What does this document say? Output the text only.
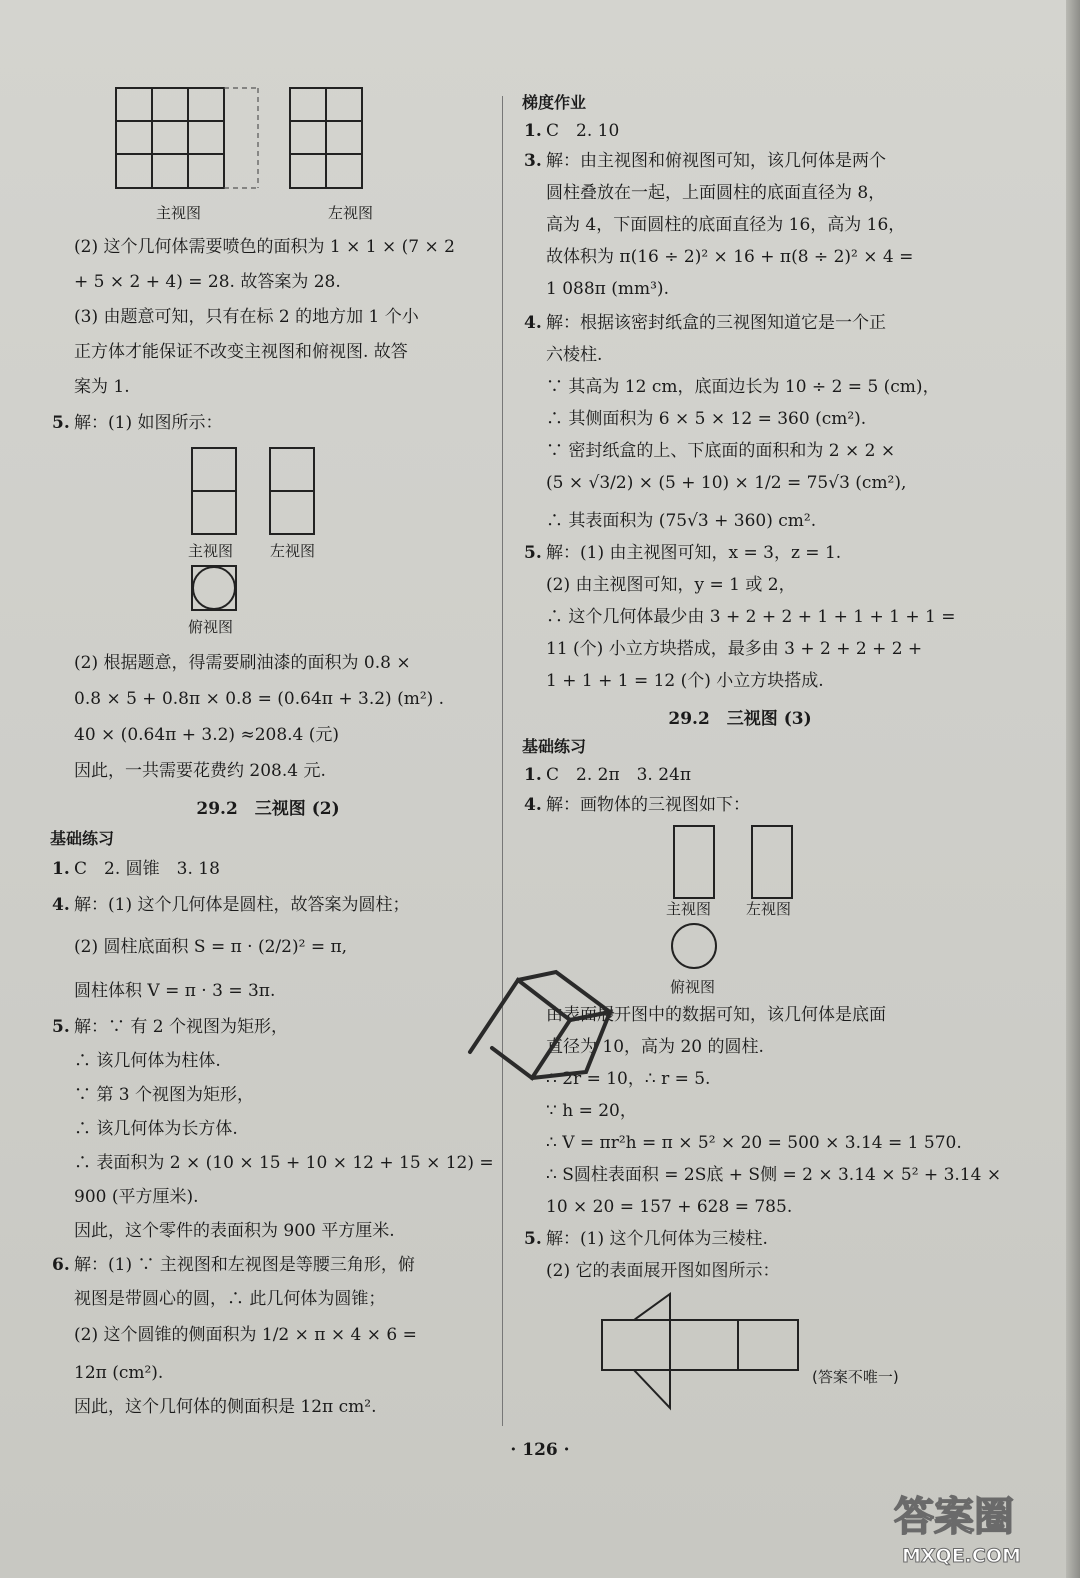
主视图	左视图
(2) 这个几何体需要喷色的面积为 1 × 1 × (7 × 2
+ 5 × 2 + 4) = 28. 故答案为 28.
(3) 由题意可知，只有在标 2 的地方加 1 个小
正方体才能保证不改变主视图和俯视图. 故答
案为 1.
5. 解：(1) 如图所示：
主视图 左视图
俯视图
(2) 根据题意，得需要刷油漆的面积为 0.8 ×
0.8 × 5 + 0.8π × 0.8 = (0.64π + 3.2) (m²) .
40 × (0.64π + 3.2) ≈208.4 (元)
因此，一共需要花费约 208.4 元.
29.2　三视图 (2)
基础练习
1. C　2. 圆锥　3. 18
4. 解：(1) 这个几何体是圆柱，故答案为圆柱；
(2) 圆柱底面积 S = π · (2/2)² = π,
圆柱体积 V = π · 3 = 3π.
5. 解：∵ 有 2 个视图为矩形，
∴ 该几何体为柱体.
∵ 第 3 个视图为矩形，
∴ 该几何体为长方体.
∴ 表面积为 2 × (10 × 15 + 10 × 12 + 15 × 12) =
900 (平方厘米).
因此，这个零件的表面积为 900 平方厘米.
6. 解：(1) ∵ 主视图和左视图是等腰三角形，俯
视图是带圆心的圆，∴ 此几何体为圆锥；
(2) 这个圆锥的侧面积为 1/2 × π × 4 × 6 =
12π (cm²).
因此，这个几何体的侧面积是 12π cm².
梯度作业
1. C　2. 10
3. 解：由主视图和俯视图可知，该几何体是两个
圆柱叠放在一起，上面圆柱的底面直径为 8，
高为 4，下面圆柱的底面直径为 16，高为 16，
故体积为 π(16 ÷ 2)² × 16 + π(8 ÷ 2)² × 4 =
1 088π (mm³).
4. 解：根据该密封纸盒的三视图知道它是一个正
六棱柱.
∵ 其高为 12 cm，底面边长为 10 ÷ 2 = 5 (cm)，
∴ 其侧面积为 6 × 5 × 12 = 360 (cm²).
∵ 密封纸盒的上、下底面的面积和为 2 × 2 ×
(5 × √3/2) × (5 + 10) × 1/2 = 75√3 (cm²),
∴ 其表面积为 (75√3 + 360) cm².
5. 解：(1) 由主视图可知，x = 3，z = 1.
(2) 由主视图可知，y = 1 或 2，
∴ 这个几何体最少由 3 + 2 + 2 + 1 + 1 + 1 + 1 =
11 (个) 小立方块搭成，最多由 3 + 2 + 2 + 2 +
1 + 1 + 1 = 12 (个) 小立方块搭成.
29.2　三视图 (3)
基础练习
1. C　2. 2π　3. 24π
4. 解：画物体的三视图如下：
主视图 左视图
俯视图
由表面展开图中的数据可知，该几何体是底面
直径为 10，高为 20 的圆柱.
∴ 2r = 10，∴ r = 5.
∵ h = 20，
∴ V = πr²h = π × 5² × 20 = 500 × 3.14 = 1 570.
∴ S圆柱表面积 = 2S底 + S侧 = 2 × 3.14 × 5² + 3.14 ×
10 × 20 = 157 + 628 = 785.
5. 解：(1) 这个几何体为三棱柱.
(2) 它的表面展开图如图所示：
(答案不唯一)
· 126 ·
答案圈
MXQE.COM
